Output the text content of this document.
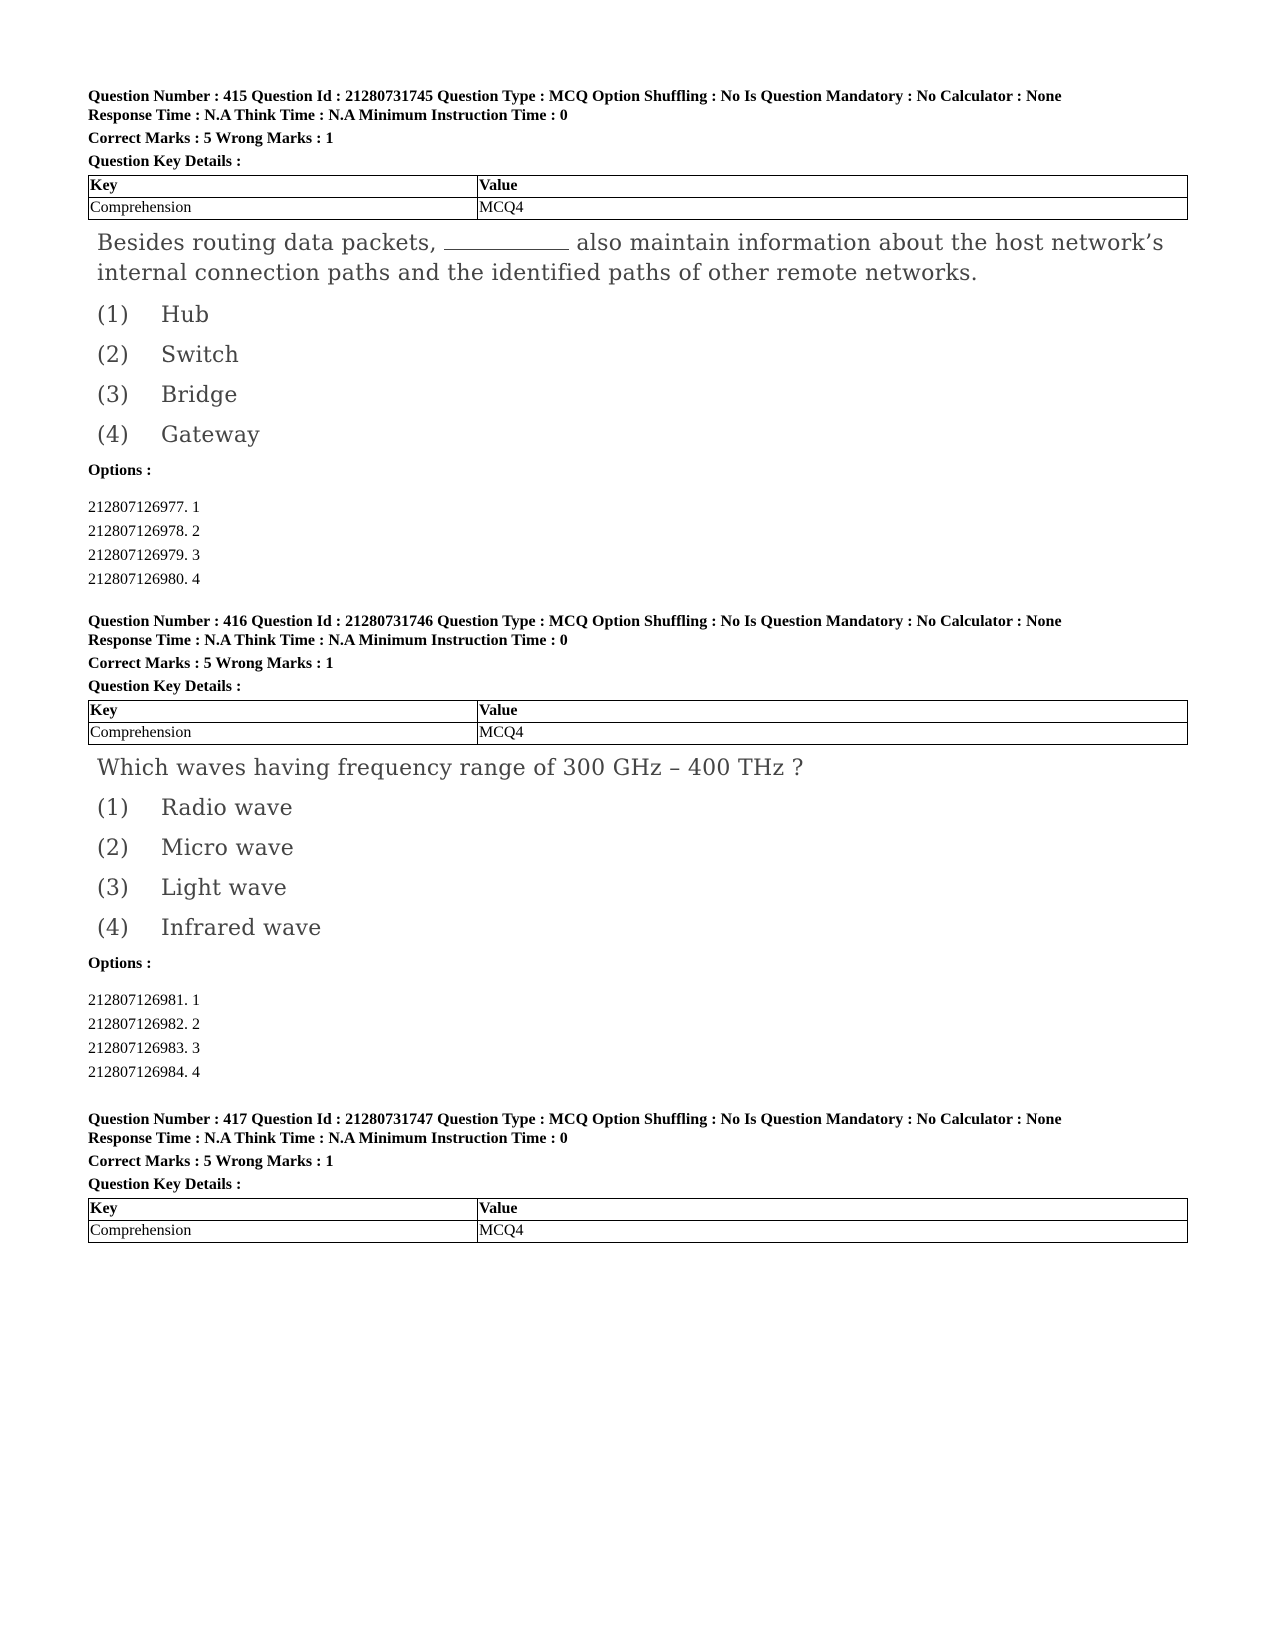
Question Number : 415 Question Id : 21280731745 Question Type : MCQ Option Shuffling : No Is Question Mandatory : No Calculator : None

Response Time : N.A Think Time : N.A Minimum Instruction Time : 0

Correct Marks : 5 Wrong Marks : 1

Question Key Details :

Key	Value
Comprehension	MCQ4
Besides routing data packets,	also maintain information about the host network’s internal connection paths and the identified paths of other remote networks.
(1)	Hub
(2)	Switch
(3)	Bridge
(4)	Gateway

Options :

212807126977. 1

212807126978. 2

212807126979. 3

212807126980. 4

Question Number : 416 Question Id : 21280731746 Question Type : MCQ Option Shuffling : No Is Question Mandatory : No Calculator : None

Response Time : N.A Think Time : N.A Minimum Instruction Time : 0

Correct Marks : 5 Wrong Marks : 1

Question Key Details :

Key	Value
Comprehension	MCQ4
Which waves having frequency range of 300 GHz – 400 THz ?
(1)	Radio wave
(2)	Micro wave
(3)	Light wave
(4)	Infrared wave

Options :

212807126981. 1

212807126982. 2

212807126983. 3

212807126984. 4

Question Number : 417 Question Id : 21280731747 Question Type : MCQ Option Shuffling : No Is Question Mandatory : No Calculator : None

Response Time : N.A Think Time : N.A Minimum Instruction Time : 0

Correct Marks : 5 Wrong Marks : 1

Question Key Details :

Key	Value
Comprehension	MCQ4
